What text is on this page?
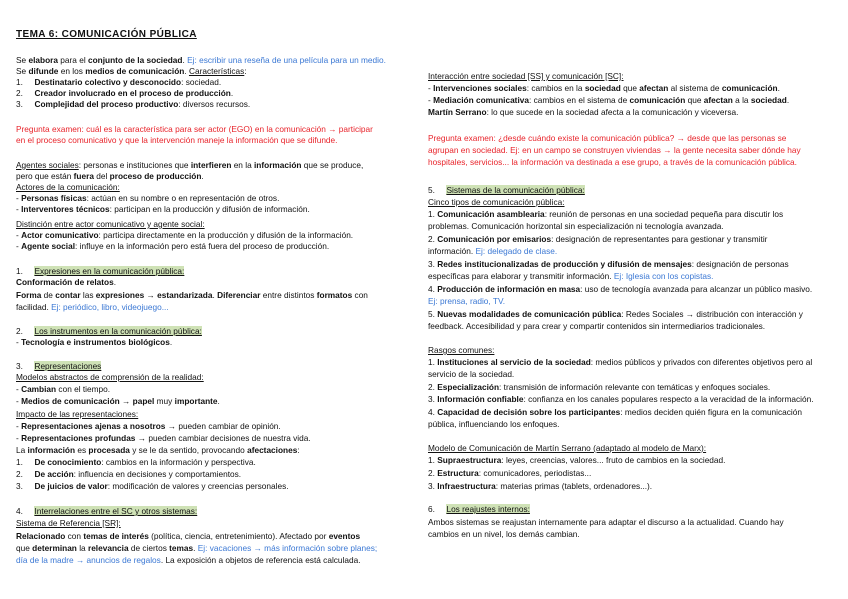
TEMA 6: COMUNICACIÓN PÚBLICA
Se elabora para el conjunto de la sociedad. Ej: escribir una reseña de una película para un medio.
Se difunde en los medios de comunicación. Características:
1.     Destinatario colectivo y desconocido: sociedad.
2.     Creador involucrado en el proceso de producción.
3.     Complejidad del proceso productivo: diversos recursos.
Pregunta examen: cuál es la característica para ser actor (EGO) en la comunicación → participar
en el proceso comunicativo y que la intervención maneje la información que se difunde.
Agentes sociales: personas e instituciones que interfieren en la información que se produce,
pero que están fuera del proceso de producción.
Actores de la comunicación:
- Personas físicas: actúan en su nombre o en representación de otros.
- Interventores técnicos: participan en la producción y difusión de información.
Distinción entre actor comunicativo y agente social:
- Actor comunicativo: participa directamente en la producción y difusión de la información.
- Agente social: influye en la información pero está fuera del proceso de producción.
1.     Expresiones en la comunicación pública:
Conformación de relatos.
Forma de contar las expresiones → estandarizada. Diferenciar entre distintos formatos con
facilidad. Ej: periódico, libro, videojuego...
2.     Los instrumentos en la comunicación pública:
- Tecnología e instrumentos biológicos.
3.     Representaciones
Modelos abstractos de comprensión de la realidad:
- Cambian con el tiempo.
- Medios de comunicación → papel muy importante.
Impacto de las representaciones:
- Representaciones ajenas a nosotros → pueden cambiar de opinión.
- Representaciones profundas → pueden cambiar decisiones de nuestra vida.
La información es procesada y se le da sentido, provocando afectaciones:
1.     De conocimiento: cambios en la información y perspectiva.
2.     De acción: influencia en decisiones y comportamientos.
3.     De juicios de valor: modificación de valores y creencias personales.
4.     Interrelaciones entre el SC y otros sistemas:
Sistema de Referencia [SR]:
Relacionado con temas de interés (política, ciencia, entretenimiento). Afectado por eventos
que determinan la relevancia de ciertos temas. Ej: vacaciones → más información sobre planes;
día de la madre → anuncios de regalos. La exposición a objetos de referencia está calculada.
Interacción entre sociedad [SS] y comunicación [SC]:
- Intervenciones sociales: cambios en la sociedad que afectan al sistema de comunicación.
- Mediación comunicativa: cambios en el sistema de comunicación que afectan a la sociedad.
Martín Serrano: lo que sucede en la sociedad afecta a la comunicación y viceversa.
Pregunta examen: ¿desde cuándo existe la comunicación pública? → desde que las personas se
agrupan en sociedad. Ej: en un campo se construyen viviendas → la gente necesita saber dónde hay
hospitales, servicios... la información va destinada a ese grupo, a través de la comunicación pública.
5.     Sistemas de la comunicación pública:
Cinco tipos de comunicación pública:
1. Comunicación asamblearia: reunión de personas en una sociedad pequeña para discutir los
problemas. Comunicación horizontal sin especialización ni tecnología avanzada.
2. Comunicación por emisarios: designación de representantes para gestionar y transmitir
información. Ej: delegado de clase.
3. Redes institucionalizadas de producción y difusión de mensajes: designación de personas
específicas para elaborar y transmitir información. Ej: Iglesia con los copistas.
4. Producción de información en masa: uso de tecnología avanzada para alcanzar un público masivo.
Ej: prensa, radio, TV.
5. Nuevas modalidades de comunicación pública: Redes Sociales → distribución con interacción y
feedback. Accesibilidad y para crear y compartir contenidos sin intermediarios tradicionales.
Rasgos comunes:
1. Instituciones al servicio de la sociedad: medios públicos y privados con diferentes objetivos pero al
servicio de la sociedad.
2. Especialización: transmisión de información relevante con temáticas y enfoques sociales.
3. Información confiable: confianza en los canales populares respecto a la veracidad de la información.
4. Capacidad de decisión sobre los participantes: medios deciden quién figura en la comunicación
pública, influenciando los enfoques.
Modelo de Comunicación de Martín Serrano (adaptado al modelo de Marx):
1. Supraestructura: leyes, creencias, valores... fruto de cambios en la sociedad.
2. Estructura: comunicadores, periodistas...
3. Infraestructura: materias primas (tablets, ordenadores...).
6.     Los reajustes internos:
Ambos sistemas se reajustan internamente para adaptar el discurso a la actualidad. Cuando hay
cambios en un nivel, los demás cambian.
